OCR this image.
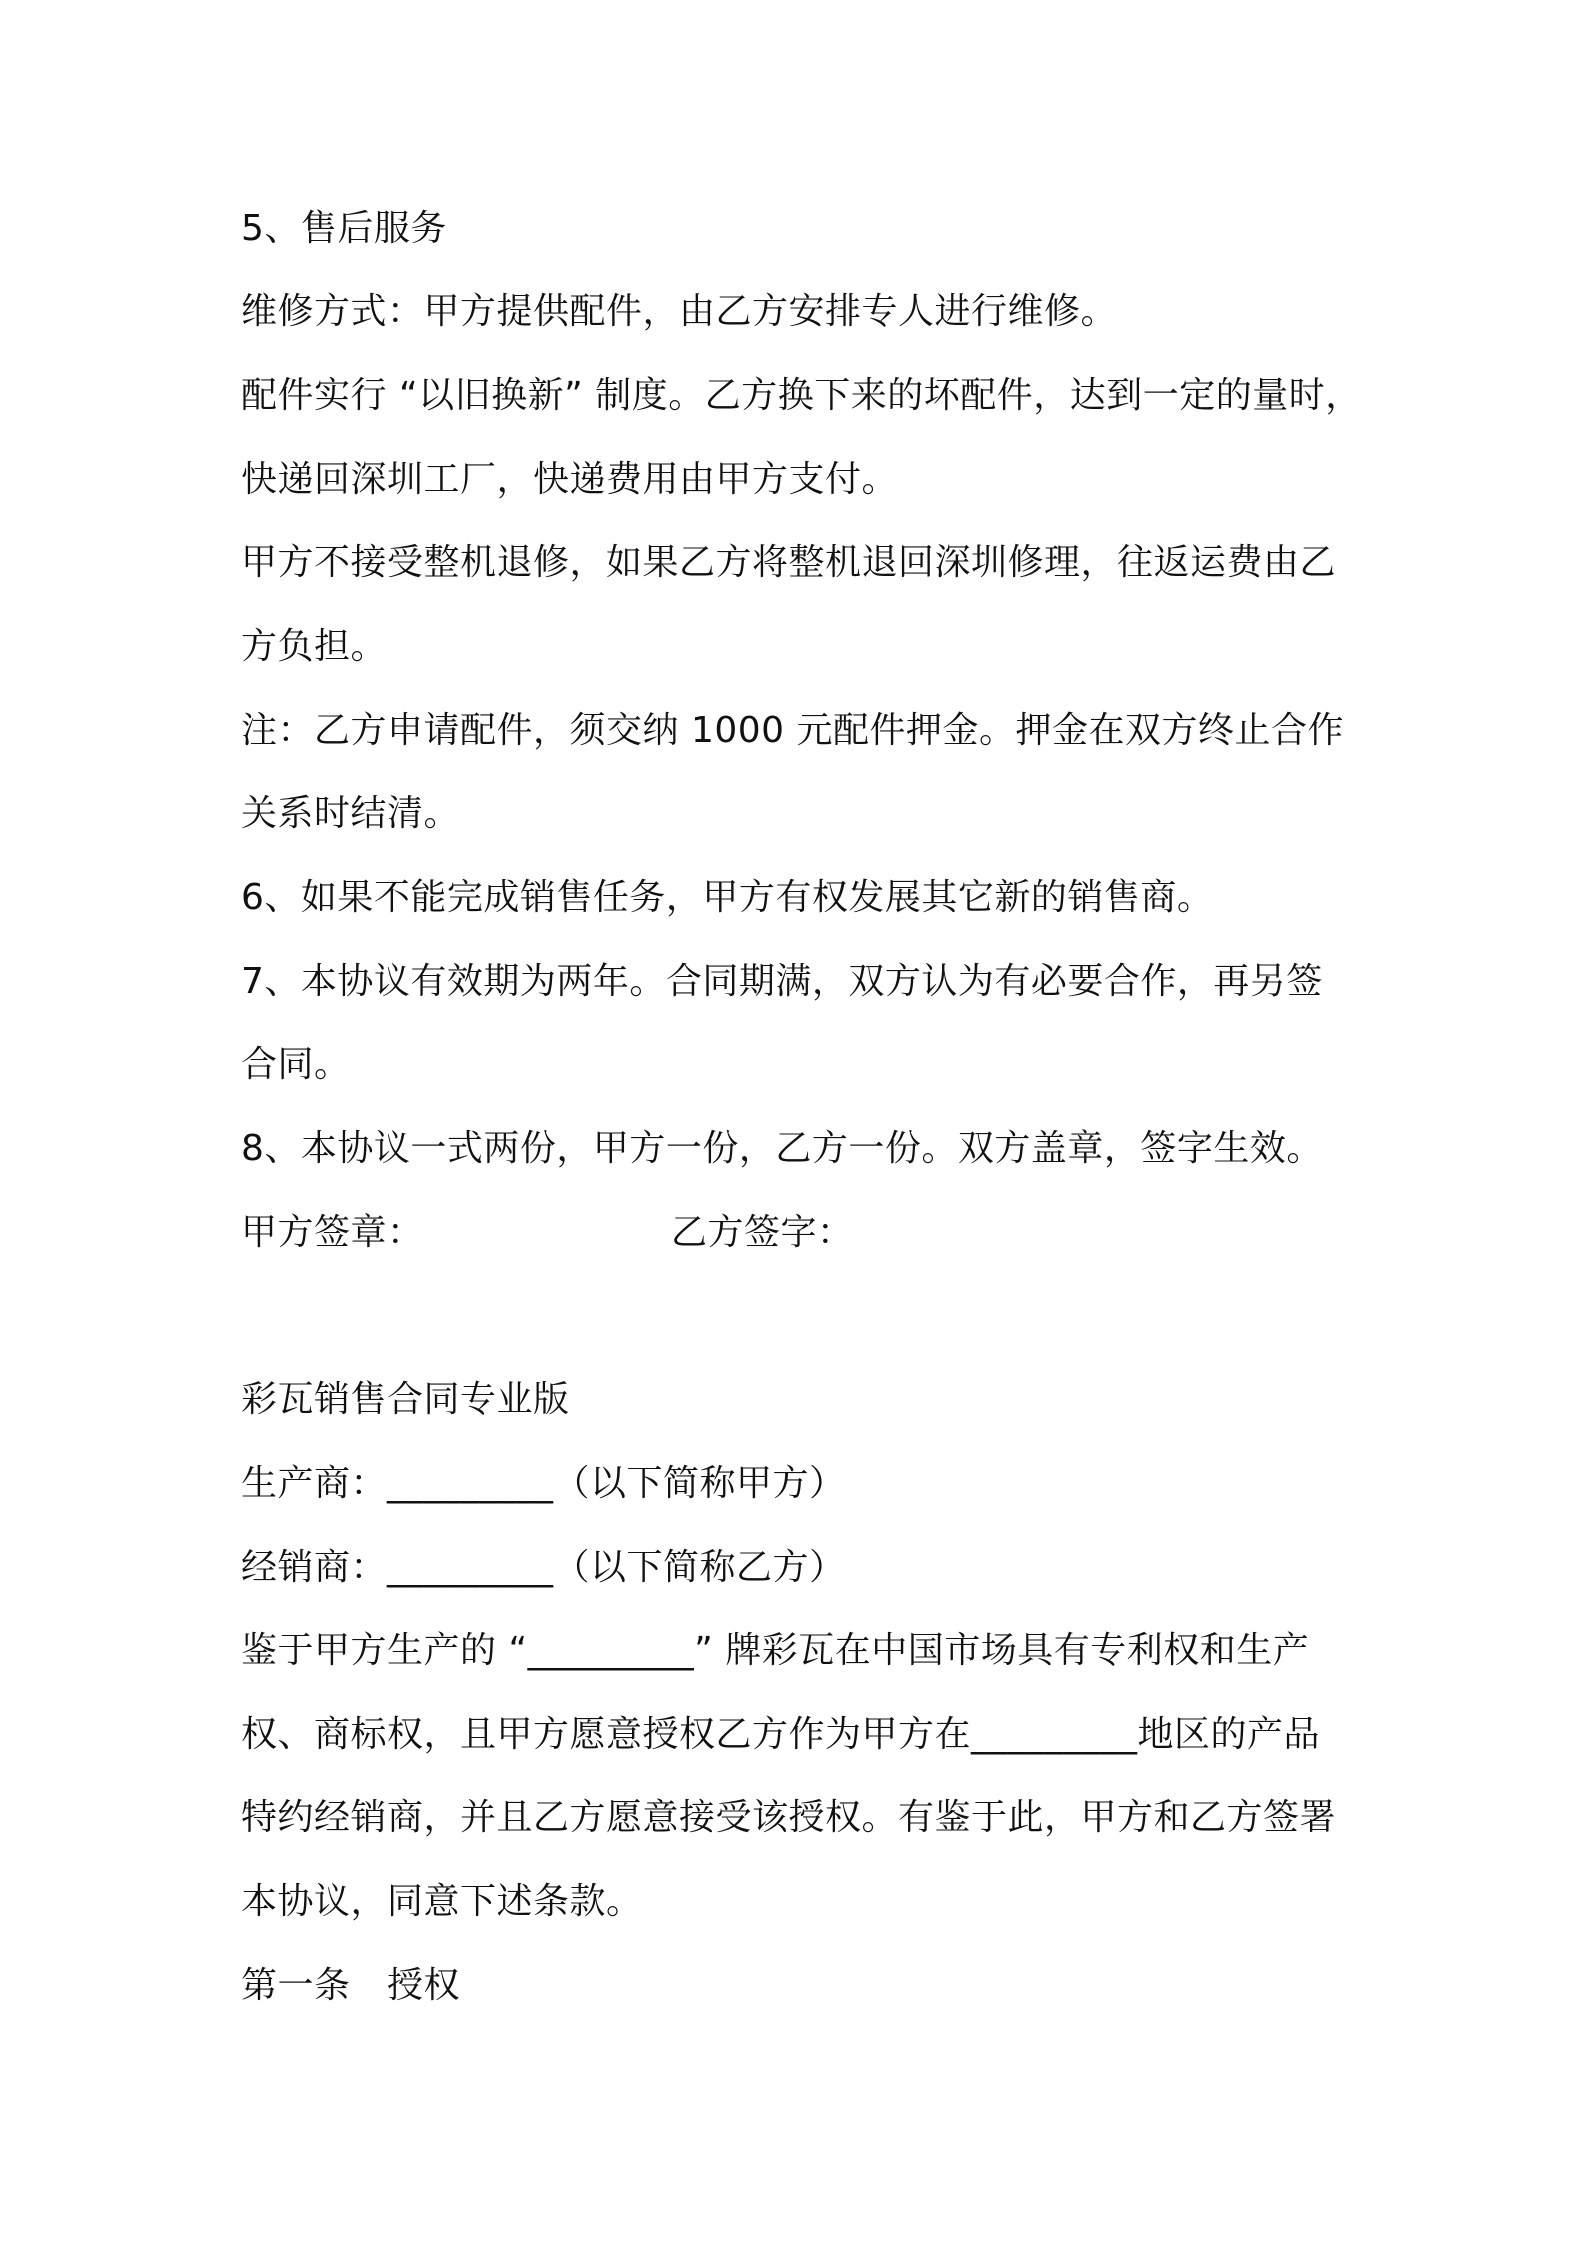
5、售后服务
维修方式：甲方提供配件，由乙方安排专人进行维修。
配件实行 “以旧换新” 制度。乙方换下来的坏配件，达到一定的量时，
快递回深圳工厂，快递费用由甲方支付。
甲方不接受整机退修，如果乙方将整机退回深圳修理，往返运费由乙
方负担。
注：乙方申请配件，须交纳 1000 元配件押金。押金在双方终止合作
关系时结清。
6、如果不能完成销售任务，甲方有权发展其它新的销售商。
7、本协议有效期为两年。合同期满，双方认为有必要合作，再另签
合同。
8、本协议一式两份，甲方一份，乙方一份。双方盖章，签字生效。
甲方签章：	乙方签字：
彩瓦销售合同专业版
生产商：_________（以下简称甲方）
经销商：_________（以下简称乙方）
鉴于甲方生产的 “_________” 牌彩瓦在中国市场具有专利权和生产
权、商标权，且甲方愿意授权乙方作为甲方在_________地区的产品
特约经销商，并且乙方愿意接受该授权。有鉴于此，甲方和乙方签署
本协议，同意下述条款。
第一条　授权
